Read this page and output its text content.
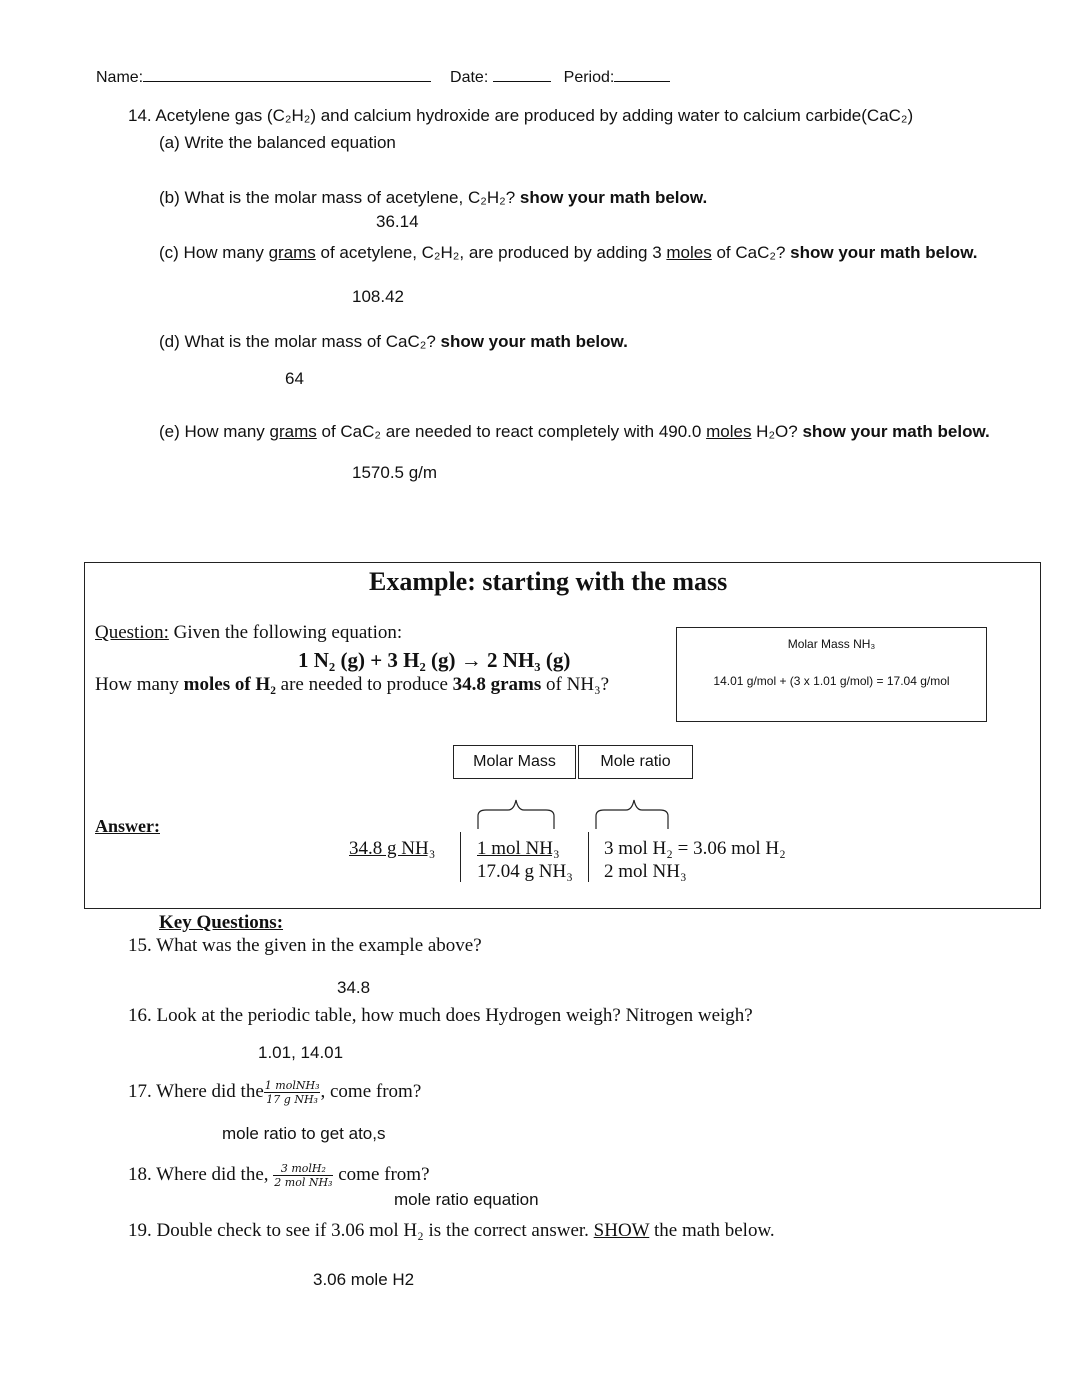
Name:	Date:	Period:
14. Acetylene gas (C₂H₂) and calcium hydroxide are produced by adding water to calcium carbide(CaC₂)
(a) Write the balanced equation
(b) What is the molar mass of acetylene, C₂H₂? show your math below.
36.14
(c) How many grams of acetylene, C₂H₂, are produced by adding 3 moles of CaC₂? show your math below.
108.42
(d) What is the molar mass of CaC₂? show your math below.
64
(e) How many grams of CaC₂ are needed to react completely with 490.0 moles H₂O? show your math below.
1570.5 g/m
Example: starting with the mass
Question: Given the following equation:
1 N₂ (g) + 3 H₂ (g) → 2 NH₃ (g)
How many moles of H₂ are needed to produce 34.8 grams of NH₃?
Molar Mass NH₃
14.01 g/mol + (3 x 1.01 g/mol) = 17.04 g/mol
Molar Mass	Mole ratio
Answer:
34.8 g NH₃ 1 mol NH₃
17.04 g NH₃
3 mol H₂ = 3.06 mol H₂
2 mol NH₃
Key Questions:
15. What was the given in the example above?
34.8
16. Look at the periodic table, how much does Hydrogen weigh? Nitrogen weigh?
1.01, 14.01
17. Where did the $\frac{\text{1 molNH₃}}{\text{17 g NH₃}}$ , come from?
mole ratio to get ato,s
18. Where did the, $\frac{\text{3 molH₂}}{\text{2 mol NH₃}}$ come from?
mole ratio equation
19. Double check to see if 3.06 mol H₂ is the correct answer. SHOW the math below.
3.06 mole H2
